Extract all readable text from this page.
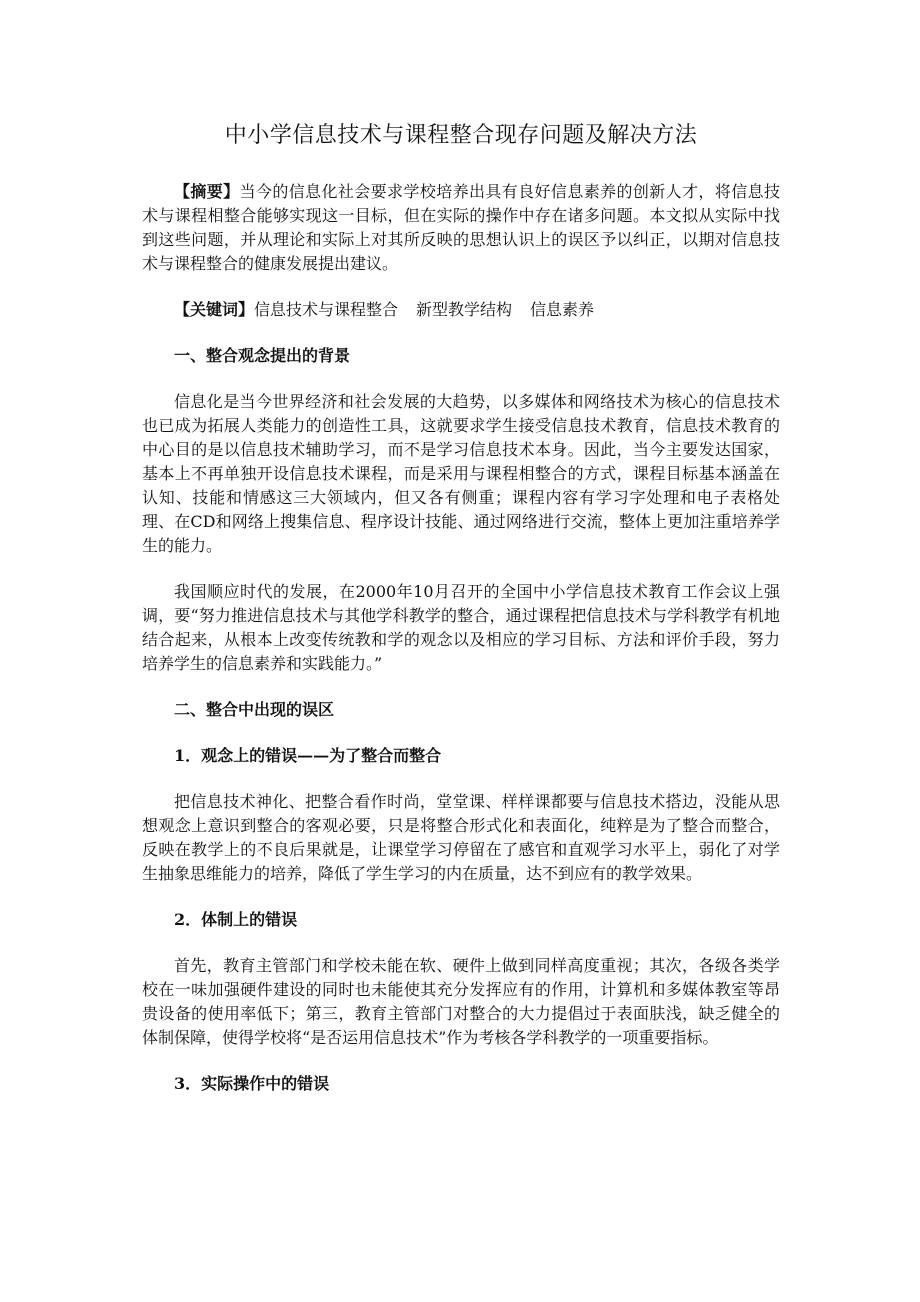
中小学信息技术与课程整合现存问题及解决方法

【摘要】当今的信息化社会要求学校培养出具有良好信息素养的创新人才，将信息技术与课程相整合能够实现这一目标，但在实际的操作中存在诸多问题。本文拟从实际中找到这些问题，并从理论和实际上对其所反映的思想认识上的误区予以纠正，以期对信息技术与课程整合的健康发展提出建议。

【关键词】信息技术与课程整合 新型教学结构 信息素养

一、整合观念提出的背景

信息化是当今世界经济和社会发展的大趋势，以多媒体和网络技术为核心的信息技术也已成为拓展人类能力的创造性工具，这就要求学生接受信息技术教育，信息技术教育的中心目的是以信息技术辅助学习，而不是学习信息技术本身。因此，当今主要发达国家，基本上不再单独开设信息技术课程，而是采用与课程相整合的方式，课程目标基本涵盖在认知、技能和情感这三大领域内，但又各有侧重；课程内容有学习字处理和电子表格处理、在CD和网络上搜集信息、程序设计技能、通过网络进行交流，整体上更加注重培养学生的能力。

我国顺应时代的发展，在2000年10月召开的全国中小学信息技术教育工作会议上强调，要“努力推进信息技术与其他学科教学的整合，通过课程把信息技术与学科教学有机地结合起来，从根本上改变传统教和学的观念以及相应的学习目标、方法和评价手段，努力培养学生的信息素养和实践能力。”

二、整合中出现的误区

1．观念上的错误——为了整合而整合

把信息技术神化、把整合看作时尚，堂堂课、样样课都要与信息技术搭边，没能从思想观念上意识到整合的客观必要，只是将整合形式化和表面化，纯粹是为了整合而整合，反映在教学上的不良后果就是，让课堂学习停留在了感官和直观学习水平上，弱化了对学生抽象思维能力的培养，降低了学生学习的内在质量，达不到应有的教学效果。

2．体制上的错误

首先，教育主管部门和学校未能在软、硬件上做到同样高度重视；其次，各级各类学校在一味加强硬件建设的同时也未能使其充分发挥应有的作用，计算机和多媒体教室等昂贵设备的使用率低下；第三，教育主管部门对整合的大力提倡过于表面肤浅，缺乏健全的体制保障，使得学校将“是否运用信息技术”作为考核各学科教学的一项重要指标。

3．实际操作中的错误
